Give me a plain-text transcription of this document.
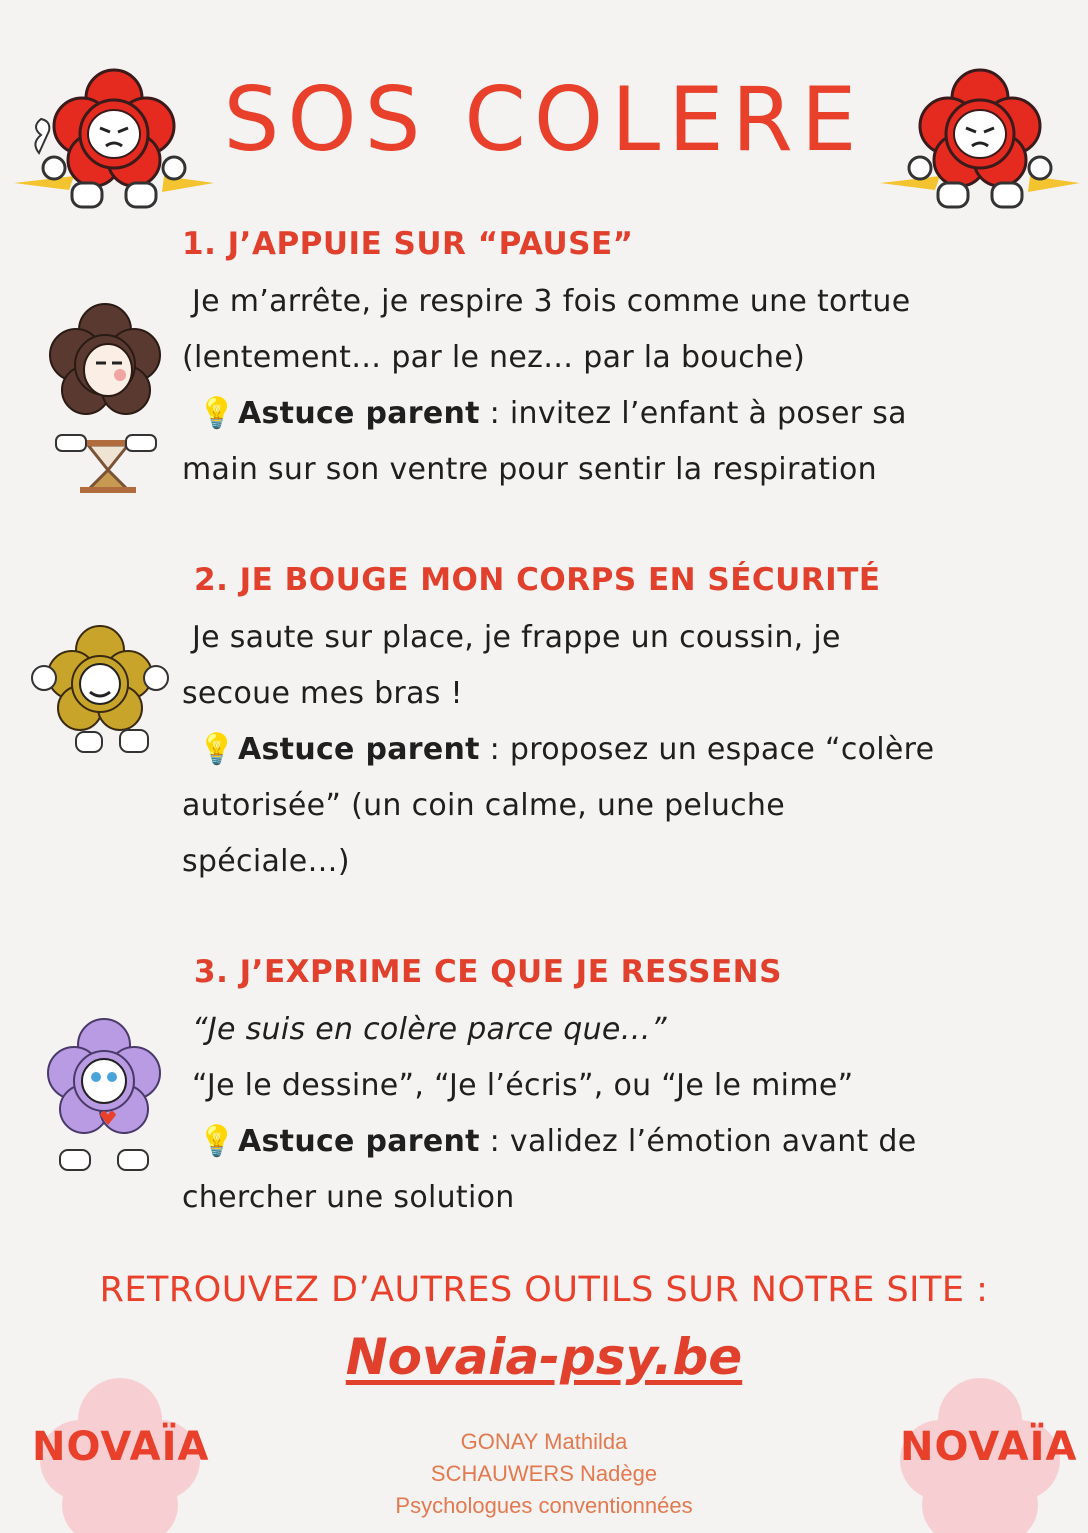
SOS COLERE
1. J’APPUIE SUR “PAUSE”
Je m’arrête, je respire 3 fois comme une tortue
(lentement… par le nez… par la bouche)
💡Astuce parent : invitez l’enfant à poser sa
main sur son ventre pour sentir la respiration
2. JE BOUGE MON CORPS EN SÉCURITÉ
Je saute sur place, je frappe un coussin, je
secoue mes bras !
💡Astuce parent : proposez un espace “colère
autorisée” (un coin calme, une peluche
spéciale…)
3. J’EXPRIME CE QUE JE RESSENS
“Je suis en colère parce que…”
“Je le dessine”, “Je l’écris”, ou “Je le mime”
💡Astuce parent : validez l’émotion avant de
chercher une solution
RETROUVEZ D’AUTRES OUTILS SUR NOTRE SITE :
Novaia-psy.be
NOVAÏA	NOVAÏA
GONAY Mathilda
SCHAUWERS Nadège
Psychologues conventionnées
